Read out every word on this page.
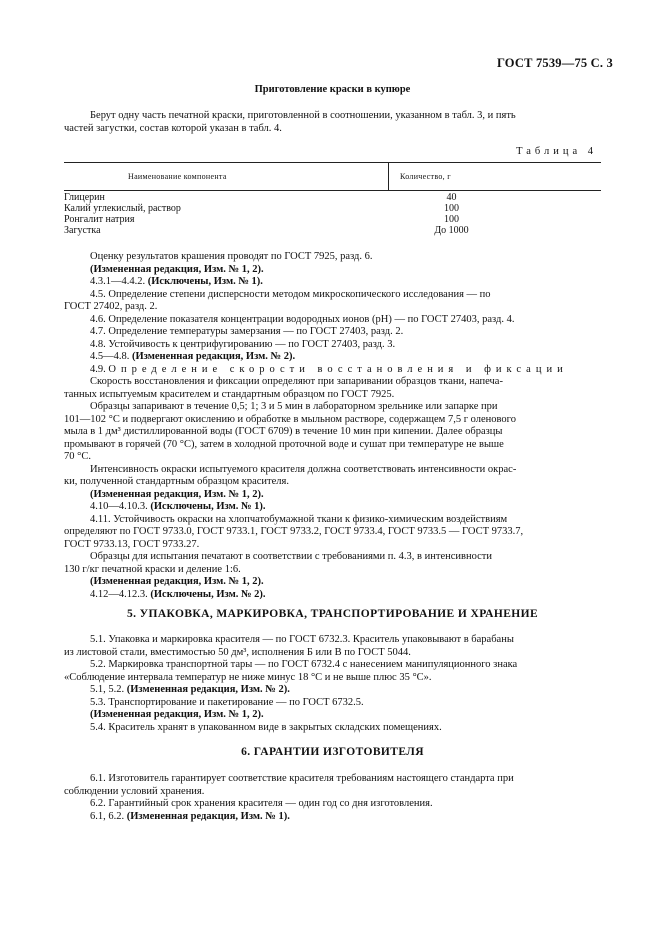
ГОСТ 7539—75 С. 3
Приготовление краски в купюре
Берут одну часть печатной краски, приготовленной в соотношении, указанном в табл. 3, и пять
частей загустки, состав которой указан в табл. 4.
Таблица 4
Наименование компонента	Количество, г
Глицерин	40
Калий углекислый, раствор	100
Ронгалит натрия	100
Загустка	До 1000
Оценку результатов крашения проводят по ГОСТ 7925, разд. 6.
(Измененная редакция, Изм. № 1, 2).
4.3.1—4.4.2. (Исключены, Изм. № 1).
4.5. Определение степени дисперсности методом микроскопического исследования — по
ГОСТ 27402, разд. 2.
4.6. Определение показателя концентрации водородных ионов (pH) — по ГОСТ 27403, разд. 4.
4.7. Определение температуры замерзания — по ГОСТ 27403, разд. 2.
4.8. Устойчивость к центрифугированию — по ГОСТ 27403, разд. 3.
4.5—4.8. (Измененная редакция, Изм. № 2).
4.9. Определение скорости восстановления и фиксации
Скорость восстановления и фиксации определяют при запаривании образцов ткани, напеча-
танных испытуемым красителем и стандартным образцом по ГОСТ 7925.
Образцы запаривают в течение 0,5; 1; 3 и 5 мин в лабораторном зрельнике или запарке при
101—102 °С и подвергают окислению и обработке в мыльном растворе, содержащем 7,5 г оленового
мыла в 1 дм³ дистиллированной воды (ГОСТ 6709) в течение 10 мин при кипении. Далее образцы
промывают в горячей (70 °С), затем в холодной проточной воде и сушат при температуре не выше
70 °С.
Интенсивность окраски испытуемого красителя должна соответствовать интенсивности окрас-
ки, полученной стандартным образцом красителя.
(Измененная редакция, Изм. № 1, 2).
4.10—4.10.3. (Исключены, Изм. № 1).
4.11. Устойчивость окраски на хлопчатобумажной ткани к физико-химическим воздействиям
определяют по ГОСТ 9733.0, ГОСТ 9733.1, ГОСТ 9733.2, ГОСТ 9733.4, ГОСТ 9733.5 — ГОСТ 9733.7,
ГОСТ 9733.13, ГОСТ 9733.27.
Образцы для испытания печатают в соответствии с требованиями п. 4.3, в интенсивности
130 г/кг печатной краски и деление 1:6.
(Измененная редакция, Изм. № 1, 2).
4.12—4.12.3. (Исключены, Изм. № 2).
5. УПАКОВКА, МАРКИРОВКА, ТРАНСПОРТИРОВАНИЕ И ХРАНЕНИЕ
5.1. Упаковка и маркировка красителя — по ГОСТ 6732.3. Краситель упаковывают в барабаны
из листовой стали, вместимостью 50 дм³, исполнения Б или В по ГОСТ 5044.
5.2. Маркировка транспортной тары — по ГОСТ 6732.4 с нанесением манипуляционного знака
«Соблюдение интервала температур не ниже минус 18 °С и не выше плюс 35 °С».
5.1, 5.2. (Измененная редакция, Изм. № 2).
5.3. Транспортирование и пакетирование — по ГОСТ 6732.5.
(Измененная редакция, Изм. № 1, 2).
5.4. Краситель хранят в упакованном виде в закрытых складских помещениях.
6. ГАРАНТИИ ИЗГОТОВИТЕЛЯ
6.1. Изготовитель гарантирует соответствие красителя требованиям настоящего стандарта при
соблюдении условий хранения.
6.2. Гарантийный срок хранения красителя — один год со дня изготовления.
6.1, 6.2. (Измененная редакция, Изм. № 1).
